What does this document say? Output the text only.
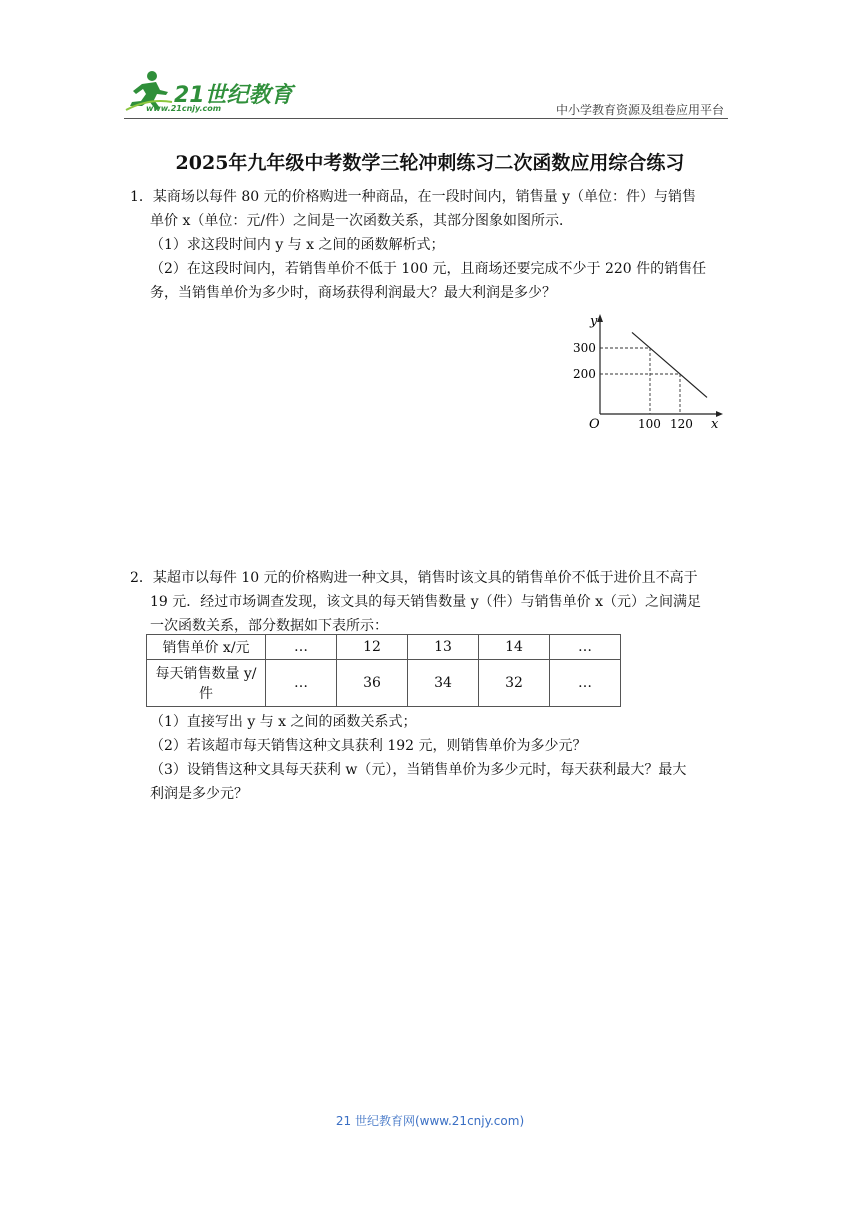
21世纪教育
www.21cnjy.com	中小学教育资源及组卷应用平台
2025年九年级中考数学三轮冲刺练习二次函数应用综合练习

1．某商场以每件 80 元的价格购进一种商品，在一段时间内，销售量 y（单位：件）与销售

单价 x（单位：元/件）之间是一次函数关系，其部分图象如图所示．

（1）求这段时间内 y 与 x 之间的函数解析式；

（2）在这段时间内，若销售单价不低于 100 元，且商场还要完成不少于 220 件的销售任

务，当销售单价为多少时，商场获得利润最大？最大利润是多少？

y
x
O
300
200
100 120

2．某超市以每件 10 元的价格购进一种文具，销售时该文具的销售单价不低于进价且不高于

19 元．经过市场调查发现，该文具的每天销售数量 y（件）与销售单价 x（元）之间满足

一次函数关系，部分数据如下表所示：

销售单价 x/元	…	12	13	14	…
每天销售数量 y/件	…	36	34	32	…

（1）直接写出 y 与 x 之间的函数关系式；

（2）若该超市每天销售这种文具获利 192 元，则销售单价为多少元？

（3）设销售这种文具每天获利 w（元），当销售单价为多少元时，每天获利最大？最大

利润是多少元？

21 世纪教育网(www.21cnjy.com)
